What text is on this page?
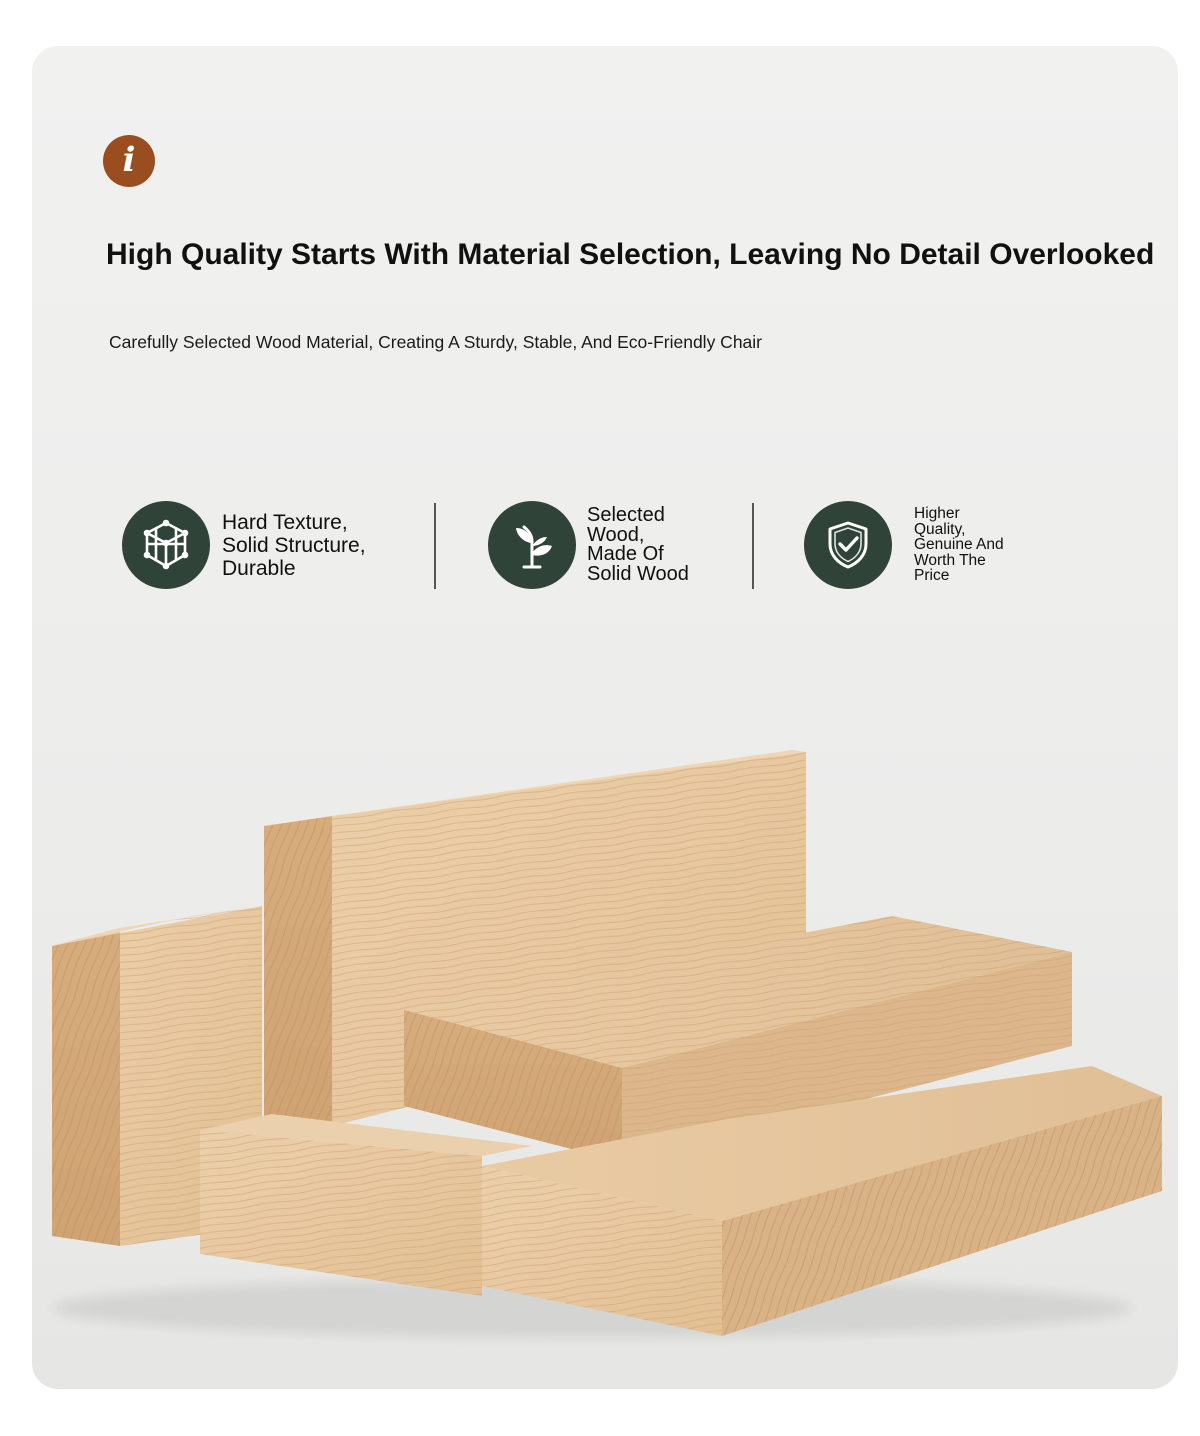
i
High Quality Starts With Material Selection, Leaving No Detail Overlooked

Carefully Selected Wood Material, Creating A Sturdy, Stable, And Eco-Friendly Chair

Hard Texture,
Solid Structure,
Durable
Selected
Wood,
Made Of
Solid Wood
Higher
Quality,
Genuine And
Worth The
Price
